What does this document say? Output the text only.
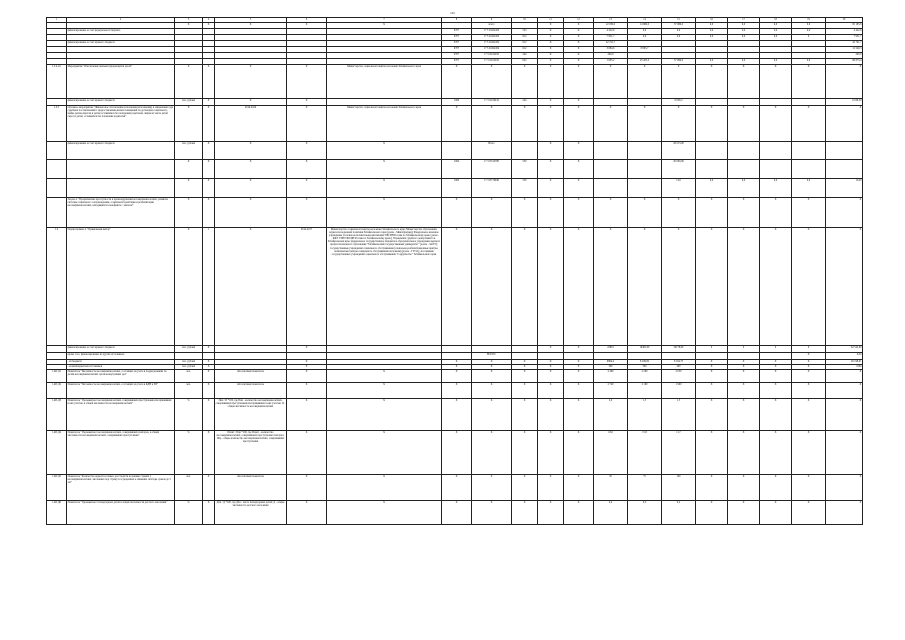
101
1	2	3	4	5	6	7	8	9	10	11	12	13	14	15	16	17	18	19	20
		X	X	X	X	X		всего		X	X	22 030,0	14 860,0	37 069,0	0,0	0,0	0,0	0,0	95 185,8
	финансирование за счет федерального бюджета						0707	17 3 04 R2452	523	X	X	4 422,6	0,0	0,0	0,0	0,0	0,0	0,0	4 422,6
							0707	17 3 04 R2452	612	X	X	7 951,7	0,0	0,0	0,0	0,0	0,0	0	7 951,7
	финансирование за счет краевого бюджета						0707	17 3 04 R2452	612	X	X	42 741,7							42 741,7
							0707	17 3 04 R2452	612	X	X	3 684,6	8 865,7						12 549,3
							0707	17 3 04 02032	244	X	X	200,0							200,0
							0707	17 3 04 02032	622	X	X	1 805,2	25 205,3	37 069,0	0,0	0,0	0,0	0,0	68 873,4
1.3.4.10.	Мероприятие "Обеспечение жильем нуждающихся детей"	X	X	X	X	Министерство социальной защиты населения Забайкальского края	X	X	X	X	X	X	X	X	X	X	X	X	X
	финансирование за счет краевого бюджета	тыс. рублей	X	X	X		1006	17 3 04 06410	244	X	X			6 036,3					6 036,30
1.3.5	Основное мероприятие "Финансовое обеспечение исполнения (исполнения) и завершения суда судебных постановлений о предоставлении жилых помещений по договорам социального найма детям-сиротам и детям оставшимся без попечения родителей, лицам из числа детей сирот и детей, оставшихся без попечения родителей"	X	X	2016-2020	X	Министерство социальной защиты населения Забайкальского края	X	X	X	X	X	X	X	X	X	X	X	X	X
	финансирование за счет краевого бюджета	тыс. рублей	X	X	X	X		Всего		X	X			20 013,00					
		X	X	X	X	X	1004	17 3 05 04780	530	X	X			20 000,00					
		X	X	X	X	X	1004	17 3 05 79940	530	X	X			13,0	0,0	0,0	0,0	0,0	13,00
	Задача 4. "Профилактика преступности и правонарушений несовершеннолетних, развитие системы социального сопровождения, социальной адаптации и реабилитации несовершеннолетних, находящихся в конфликте с законом"	X	X	X	X	X	X	X	X	X	X	X	X	X	X	X	X	X	X
1.4	Подпрограмма 4. "Правильный выбор"	X	1	X	2014-2017	Министерство социальной защиты населения Забайкальского края; Министерство образования, науки и молодежной политики Забайкальского края (далее - Минобрнауки); Федеральное казенное учреждение уголовно-исполнительная инспекция УФСИН России по Забайкальскому краю (далее - ФКУ УИИ УФСИН России по Забайкальскому краю); Управление судебного департамента в Забайкальском крае; федеральное государственное бюджетное образовательное учреждение высшего профессионального образования "Забайкальский государственный университет" (далее - ЗабГУ); государственные учреждения социального обслуживания (социально-реабилитационные центры, комплексные центры социального обслуживания населения) (далее - ГУСО); Ассоциация государственных учреждений социального обслуживания "Содружество" Забайкальского края	X	X	X	X	X	X	X	X	X	X	X	X	X
	финансирование за счет краевого бюджета	тыс. рублей	X		X					X	X	22881	19481,00	20178,00	0	0	0	0	62 542,00
	кроме того, финансирование из других источников:							ВСЕГО:										X	0,00
	- из бюджета	тыс. рублей	X		X		X	X	X	X	X	9864,4	8 169,82	8 164,75	X	X	X	X	26 198,01
	- из внебюджетных источников	тыс. рублей	X		X		X	X	X	X	X	300	300	400	X	X	X	X	1000
1.4П.Д1	Показатель "Численность несовершеннолетних, состоящих на учете в подразделениях по делам несовершеннолетних органов внутренних дел"	чел.	X	Абсолютный показатель	X	X	X	X	X	X	X	2 490	2 280	2 050	X	X	X	X	X
1.4П.Д2	Показатель "Численность несовершеннолетних, состоящих на учете в КДН и ЗП"	чел.	X	Абсолютный показатель	X	X	X	X	X	X	X	2 740	2 190	1 900	X	X	X	X	X
1.4П.Д3	Показатель "Удельный вес несовершеннолетних, совершивших преступления или принявших в них участие, в общей численности несовершеннолетних"	%	X	Пнп / П *100, где Пнп - количество несовершеннолетних, совершивших преступления или принявших в них участие; П - общая численность несовершеннолетних	X	X	X	X	X	X	X	2,0	1,5	1,5	X	X	X	X	X
1.4П.Д4	Показатель "Удельный вес несовершеннолетних, совершивших повторно, в общей численности несовершеннолетних, совершивших преступления"	%	X	Пповт / Ппр *100, где Пповт - количество несовершеннолетних, совершивших преступление повторно; Ппр - общее количество несовершеннолетних, совершивших преступления	X	X	X	X	X	X	X	18,6	15,8	11,7	X	X	X	X	X
1.4П.Д5	Показатель "Количество недееспособных, расстройств на ранние стадиях у несовершеннолетних, численных под стражу и осужденных к лишению свободы сроком до 5 лет"	чел.	X	Абсолютный показатель	X	X	X	X	X	X	X	50	75	100	X	X	X	X	X
1.4П.Д6	Показатель "Удельный вес безнадзорных детей в общей численности детского населения"	%	X	Дбн / Д *100, где Дбн - число безнадзорных детей; Д - общая численность детского населения	X	X	X	X	X	X	X	0,4	0,3	0,2	X	X	X	X	X
